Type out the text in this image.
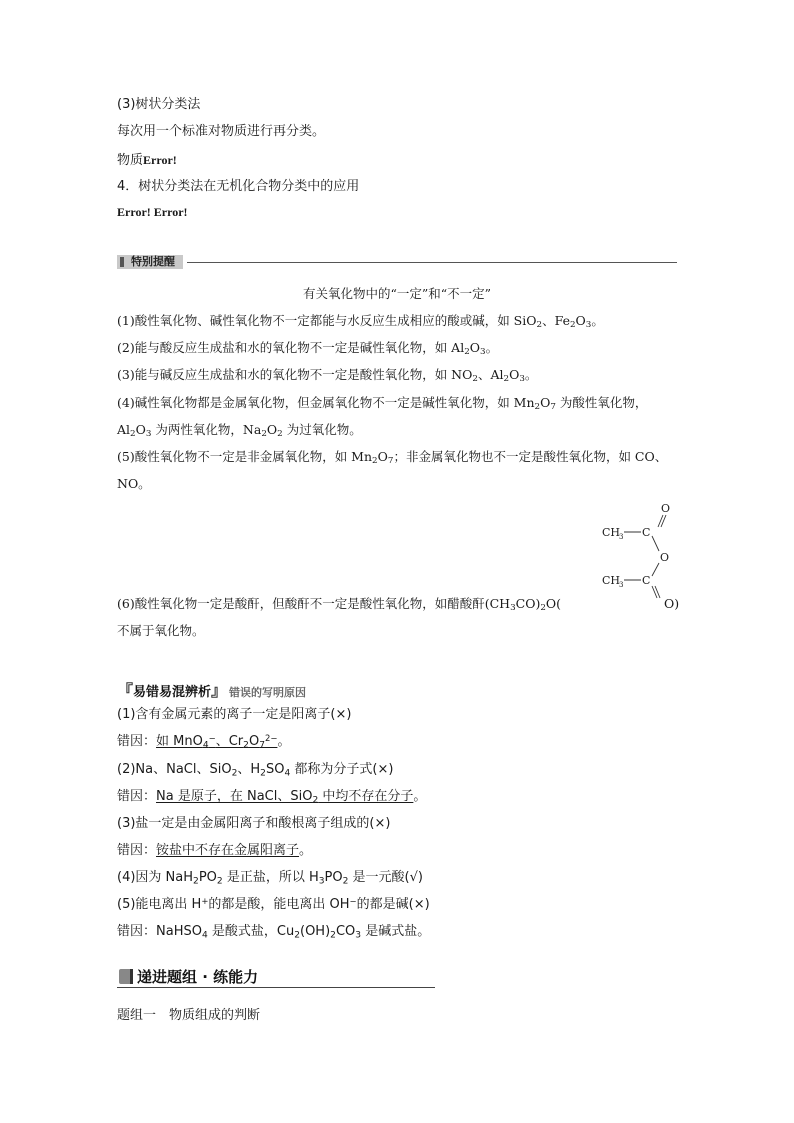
(3)树状分类法
每次用一个标准对物质进行再分类。
物质Error!
4．树状分类法在无机化合物分类中的应用
Error! Error!
特别提醒
有关氧化物中的“一定”和“不一定”
(1)酸性氧化物、碱性氧化物不一定都能与水反应生成相应的酸或碱，如 SiO$_2$、$Fe_2O_3$。
(2)能与酸反应生成盐和水的氧化物不一定是碱性氧化物，如 $Al_2O_3$。
(3)能与碱反应生成盐和水的氧化物不一定是酸性氧化物，如 $NO_2$、$Al_2O_3$。
(4)碱性氧化物都是金属氧化物，但金属氧化物不一定是碱性氧化物，如 $Mn_2O_7$ 为酸性氧化物，
$Al_2O_3$ 为两性氧化物，$Na_2O_2$ 为过氧化物。
(5)酸性氧化物不一定是非金属氧化物，如 $Mn_2O_7$；非金属氧化物也不一定是酸性氧化物，如 CO、
NO。
O
CH
3 C
O
CH
3 C
(6)酸性氧化物一定是酸酐，但酸酐不一定是酸性氧化物，如醋酸酐$(CH_3CO)_2O$(	O)
不属于氧化物。
『易错易混辨析』 错误的写明原因
(1)含有金属元素的离子一定是阳离子(×)
错因：如 MnO$_4$−、$Cr_2O_7^{2-}$。
(2)Na、NaCl、SiO$_2$、$H_2SO_4$ 都称为分子式(×)
错因：Na 是原子，在 NaCl、SiO$_2$ 中均不存在分子。
(3)盐一定是由金属阳离子和酸根离子组成的(×)
错因：铵盐中不存在金属阳离子。
(4)因为 $NaH_2PO_2$ 是正盐，所以 $H_3PO_2$ 是一元酸(√)
(5)能电离出 H+的都是酸，能电离出 OH−的都是碱(×)
错因：NaHSO$_4$ 是酸式盐，$Cu_2(OH)_2CO_3$ 是碱式盐。
递进题组 · 练能力
题组一　物质组成的判断
